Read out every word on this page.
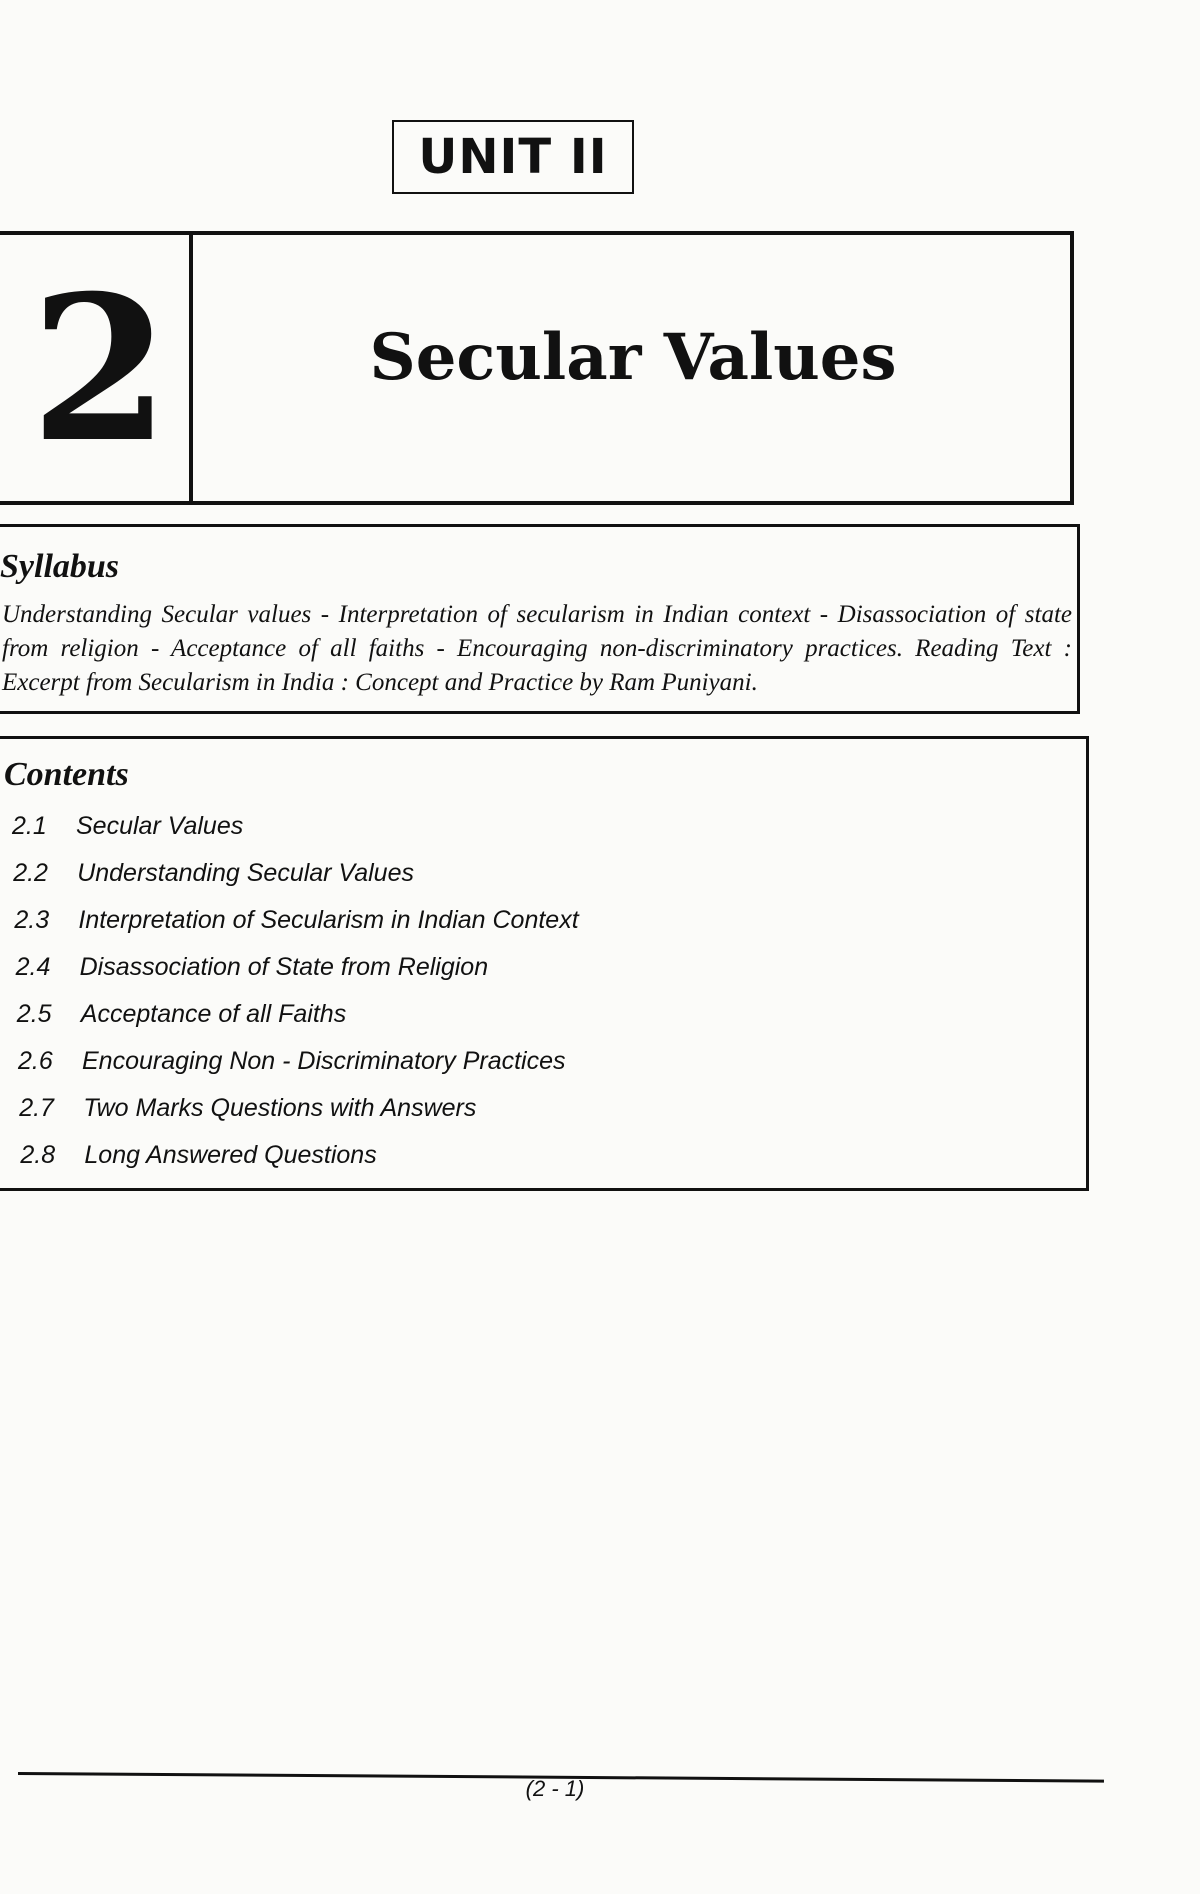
UNIT II
2	Secular Values
Syllabus
Understanding Secular values - Interpretation of secularism in Indian context - Disassociation of state from religion - Acceptance of all faiths - Encouraging non-discriminatory practices. Reading Text : Excerpt from Secularism in India : Concept and Practice by Ram Puniyani.
Contents
2.1	Secular Values
2.2	Understanding Secular Values
2.3	Interpretation of Secularism in Indian Context
2.4	Disassociation of State from Religion
2.5	Acceptance of all Faiths
2.6	Encouraging Non - Discriminatory Practices
2.7	Two Marks Questions with Answers
2.8	Long Answered Questions
(2 - 1)
